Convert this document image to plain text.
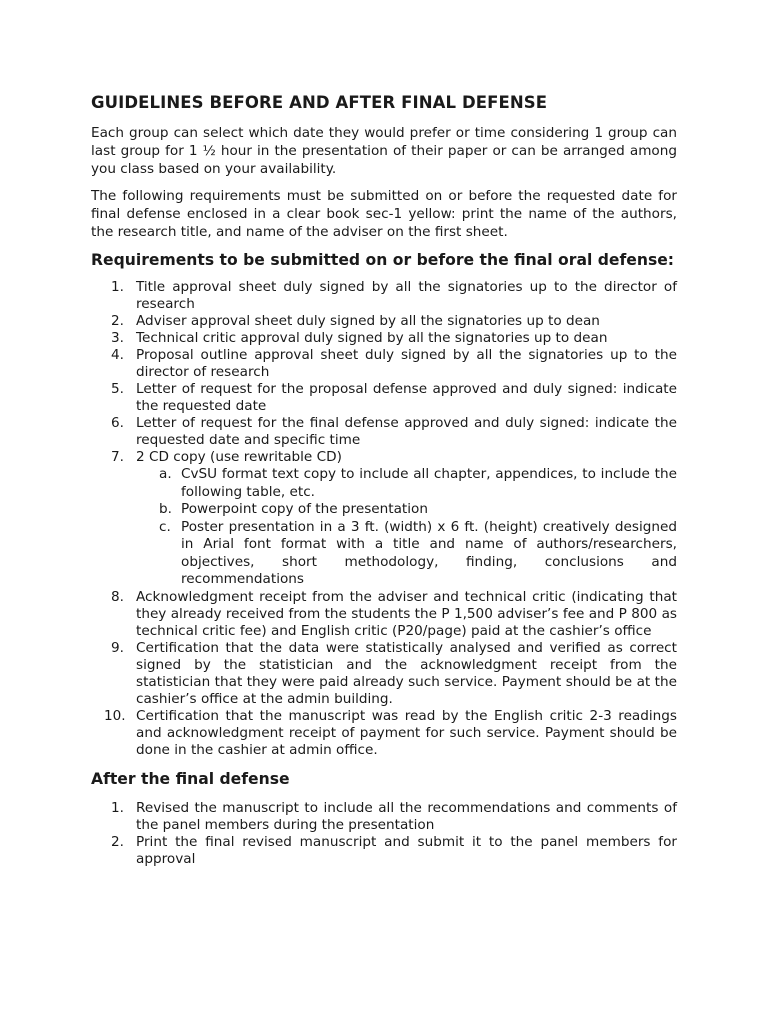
GUIDELINES BEFORE AND AFTER FINAL DEFENSE

Each group can select which date they would prefer or time considering 1 group can last group for 1 ½ hour in the presentation of their paper or can be arranged among you class based on your availability.

The following requirements must be submitted on or before the requested date for final defense enclosed in a clear book sec-1 yellow: print the name of the authors, the research title, and name of the adviser on the first sheet.

Requirements to be submitted on or before the final oral defense:
1. Title approval sheet duly signed by all the signatories up to the director of research
2. Adviser approval sheet duly signed by all the signatories up to dean
3. Technical critic approval duly signed by all the signatories up to dean
4. Proposal outline approval sheet duly signed by all the signatories up to the director of research
5. Letter of request for the proposal defense approved and duly signed: indicate the requested date
6. Letter of request for the final defense approved and duly signed: indicate the requested date and specific time
7. 2 CD copy (use rewritable CD)
a. CvSU format text copy to include all chapter, appendices, to include the following table, etc.
b. Powerpoint copy of the presentation
c. Poster presentation in a 3 ft. (width) x 6 ft. (height) creatively designed in Arial font format with a title and name of authors/researchers, objectives, short methodology, finding, conclusions and recommendations
8. Acknowledgment receipt from the adviser and technical critic (indicating that they already received from the students the P 1,500 adviser’s fee and P 800 as technical critic fee) and English critic (P20/page) paid at the cashier’s office
9. Certification that the data were statistically analysed and verified as correct signed by the statistician and the acknowledgment receipt from the statistician that they were paid already such service. Payment should be at the cashier’s office at the admin building.
10. Certification that the manuscript was read by the English critic 2-3 readings and acknowledgment receipt of payment for such service. Payment should be done in the cashier at admin office.
After the final defense
1. Revised the manuscript to include all the recommendations and comments of the panel members during the presentation
2. Print the final revised manuscript and submit it to the panel members for approval
